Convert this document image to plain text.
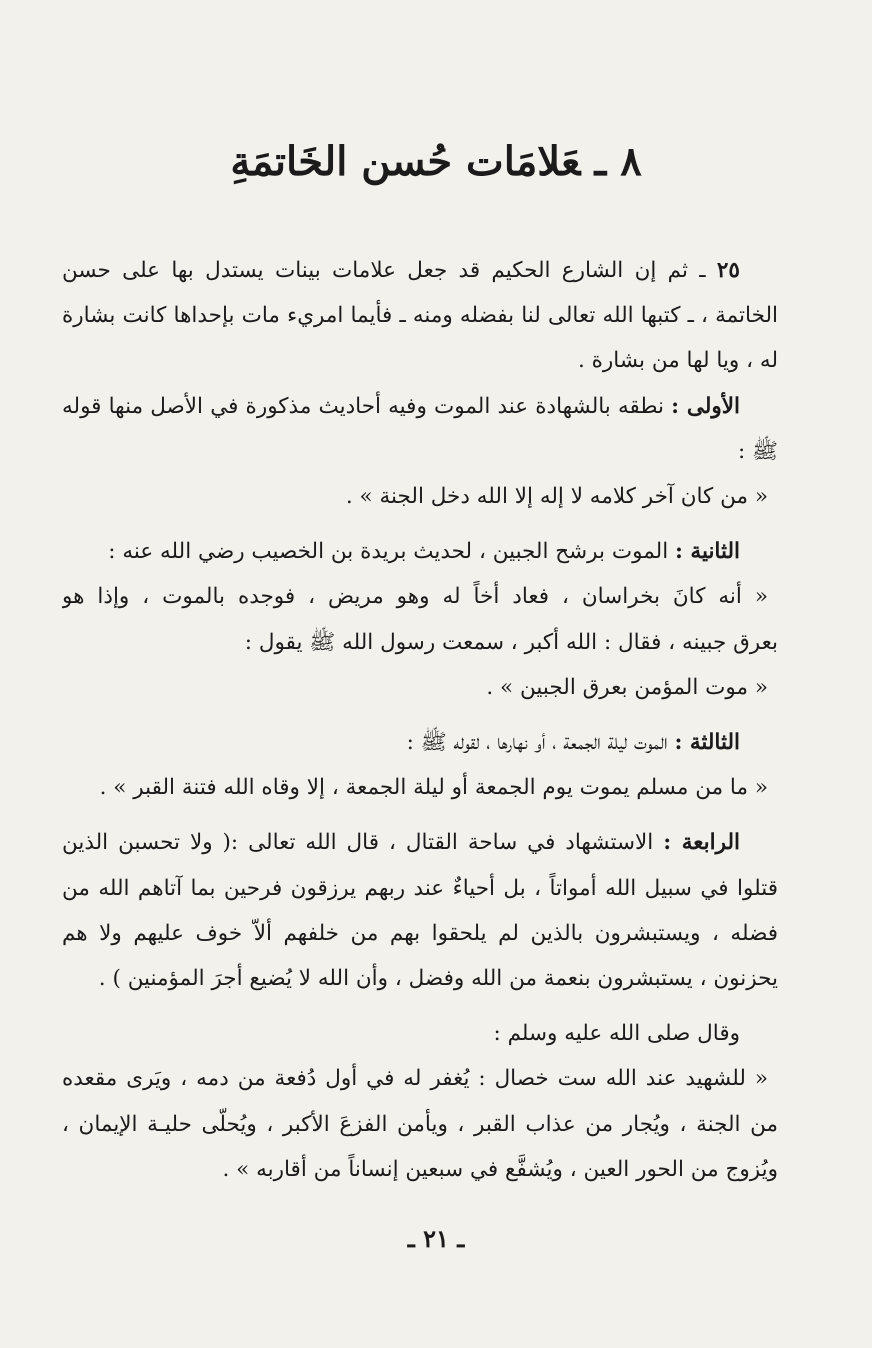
٨ـعَلامَات حُسن الخَاتمَةِ
٢٥ ـ ثم إن الشارع الحكيم قد جعل علامات بينات يستدل بها على حسن
الخاتمة ، ـ كتبها الله تعالى لنا بفضله ومنه ـ فأيما امريء مات بإحداها كانت بشارة
له ، ويا لها من بشارة .
الأولى : نطقه بالشهادة عند الموت وفيه أحاديث مذكورة في الأصل منها قوله
ﷺ :
« من كان آخر كلامه لا إله إلا الله دخل الجنة » .
الثانية : الموت برشح الجبين ، لحديث بريدة بن الخصيب رضي الله عنه :
« أنه كانَ بخراسان ، فعاد أخاً له وهو مريض ، فوجده بالموت ، وإذا هو
بعرق جبينه ، فقال : الله أكبر ، سمعت رسول الله ﷺ يقول :
« موت المؤمن بعرق الجبين » .
الثالثة : الموت ليلة الجمعة ، أو نهارها ، لقوله ﷺ :
« ما من مسلم يموت يوم الجمعة أو ليلة الجمعة ، إلا وقاه الله فتنة القبر » .
الرابعة : الاستشهاد في ساحة القتال ، قال الله تعالى :( ولا تحسبن الذين
قتلوا في سبيل الله أمواتاً ، بل أحياءٌ عند ربهم يرزقون فرحين بما آتاهم الله من
فضله ، ويستبشرون بالذين لم يلحقوا بهم من خلفهم ألاّ خوف عليهم ولا هم
يحزنون ، يستبشرون بنعمة من الله وفضل ، وأن الله لا يُضيع أجرَ المؤمنين ) .
وقال صلى الله عليه وسلم :
« للشهيد عند الله ست خصال : يُغفر له في أول دُفعة من دمه ، ويَرى مقعده
من الجنة ، ويُجار من عذاب القبر ، ويأمن الفزعَ الأكبر ، ويُحلّى حليـة الإيمان ،
ويُزوج من الحور العين ، ويُشفَّع في سبعين إنساناً من أقاربه » .
ـ ٢١ ـ
